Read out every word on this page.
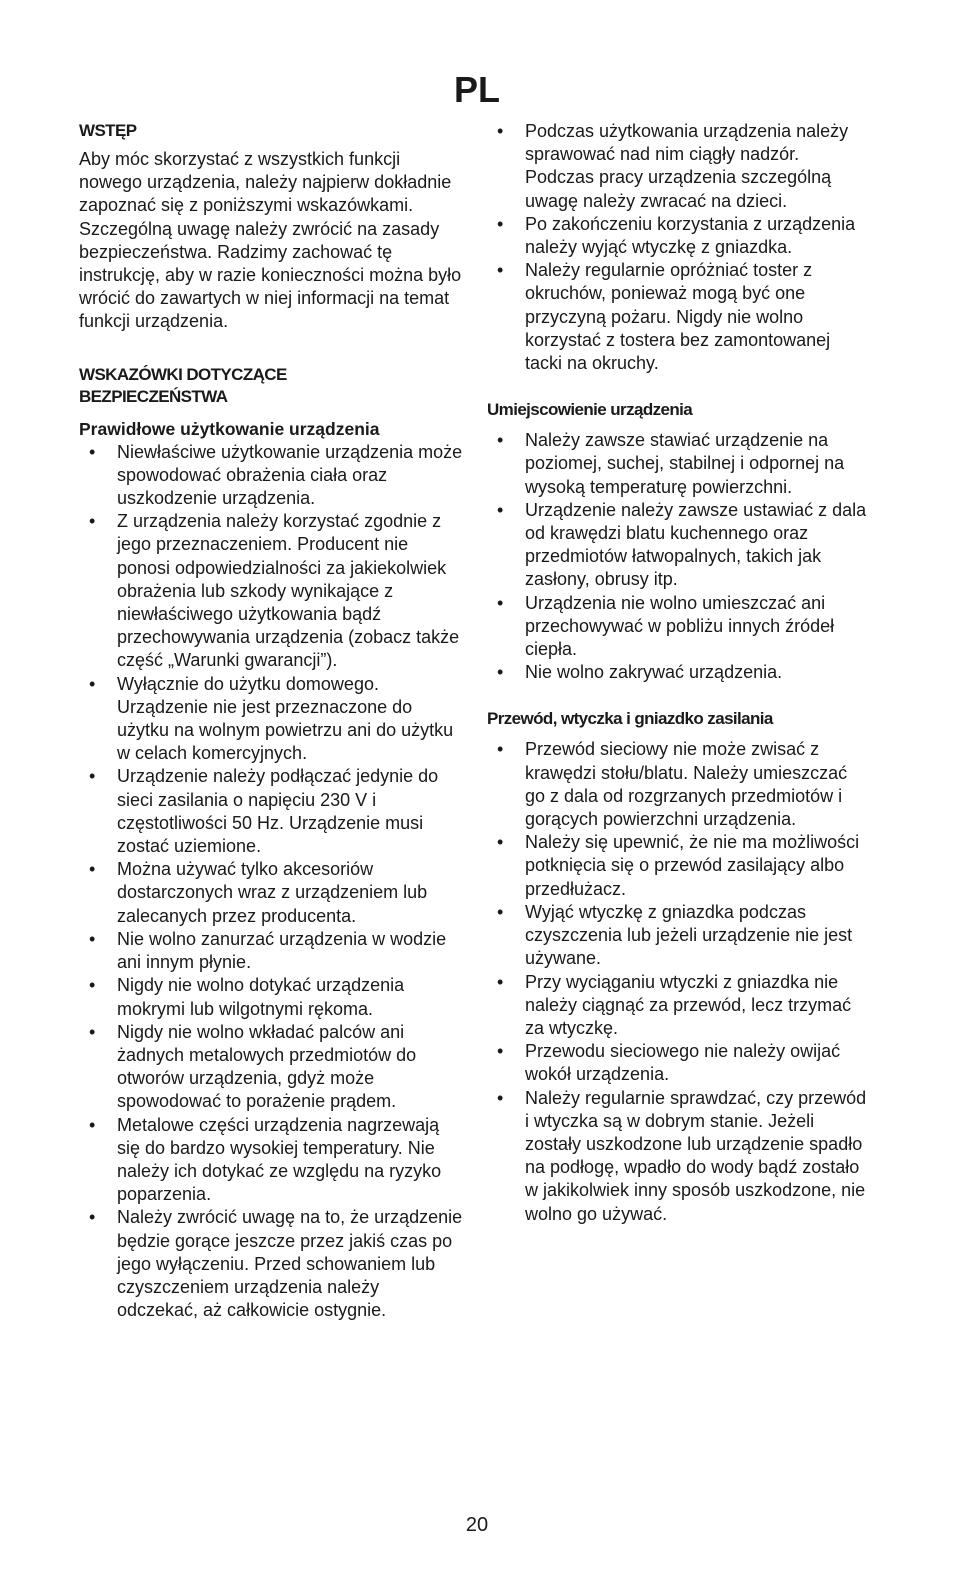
PL
WSTĘP

Aby móc skorzystać z wszystkich funkcji nowego urządzenia, należy najpierw dokładnie zapoznać się z poniższymi wskazówkami. Szczególną uwagę należy zwrócić na zasady bezpieczeństwa. Radzimy zachować tę instrukcję, aby w razie konieczności można było wrócić do zawartych w niej informacji na temat funkcji urządzenia.

WSKAZÓWKI DOTYCZĄCE
BEZPIECZEŃSTWA
Prawidłowe użytkowanie urządzenia
• Niewłaściwe użytkowanie urządzenia może spowodować obrażenia ciała oraz uszkodzenie urządzenia.
• Z urządzenia należy korzystać zgodnie z jego przeznaczeniem. Producent nie ponosi odpowiedzialności za jakiekolwiek obrażenia lub szkody wynikające z niewłaściwego użytkowania bądź przechowywania urządzenia (zobacz także część „Warunki gwarancji”).
• Wyłącznie do użytku domowego. Urządzenie nie jest przeznaczone do użytku na wolnym powietrzu ani do użytku w celach komercyjnych.
• Urządzenie należy podłączać jedynie do sieci zasilania o napięciu 230 V i częstotliwości 50 Hz. Urządzenie musi zostać uziemione.
• Można używać tylko akcesoriów dostarczonych wraz z urządzeniem lub zalecanych przez producenta.
• Nie wolno zanurzać urządzenia w wodzie ani innym płynie.
• Nigdy nie wolno dotykać urządzenia mokrymi lub wilgotnymi rękoma.
• Nigdy nie wolno wkładać palców ani żadnych metalowych przedmiotów do otworów urządzenia, gdyż może spowodować to porażenie prądem.
• Metalowe części urządzenia nagrzewają się do bardzo wysokiej temperatury. Nie należy ich dotykać ze względu na ryzyko poparzenia.
• Należy zwrócić uwagę na to, że urządzenie będzie gorące jeszcze przez jakiś czas po jego wyłączeniu. Przed schowaniem lub czyszczeniem urządzenia należy odczekać, aż całkowicie ostygnie.
• Podczas użytkowania urządzenia należy sprawować nad nim ciągły nadzór. Podczas pracy urządzenia szczególną uwagę należy zwracać na dzieci.
• Po zakończeniu korzystania z urządzenia należy wyjąć wtyczkę z gniazdka.
• Należy regularnie opróżniać toster z okruchów, ponieważ mogą być one przyczyną pożaru. Nigdy nie wolno korzystać z tostera bez zamontowanej tacki na okruchy.
Umiejscowienie urządzenia
• Należy zawsze stawiać urządzenie na poziomej, suchej, stabilnej i odpornej na wysoką temperaturę powierzchni.
• Urządzenie należy zawsze ustawiać z dala od krawędzi blatu kuchennego oraz przedmiotów łatwopalnych, takich jak zasłony, obrusy itp.
• Urządzenia nie wolno umieszczać ani przechowywać w pobliżu innych źródeł ciepła.
• Nie wolno zakrywać urządzenia.
Przewód, wtyczka i gniazdko zasilania
• Przewód sieciowy nie może zwisać z krawędzi stołu/blatu. Należy umieszczać go z dala od rozgrzanych przedmiotów i gorących powierzchni urządzenia.
• Należy się upewnić, że nie ma możliwości potknięcia się o przewód zasilający albo przedłużacz.
• Wyjąć wtyczkę z gniazdka podczas czyszczenia lub jeżeli urządzenie nie jest używane.
• Przy wyciąganiu wtyczki z gniazdka nie należy ciągnąć za przewód, lecz trzymać za wtyczkę.
• Przewodu sieciowego nie należy owijać wokół urządzenia.
• Należy regularnie sprawdzać, czy przewód i wtyczka są w dobrym stanie. Jeżeli zostały uszkodzone lub urządzenie spadło na podłogę, wpadło do wody bądź zostało w jakikolwiek inny sposób uszkodzone, nie wolno go używać.
20
